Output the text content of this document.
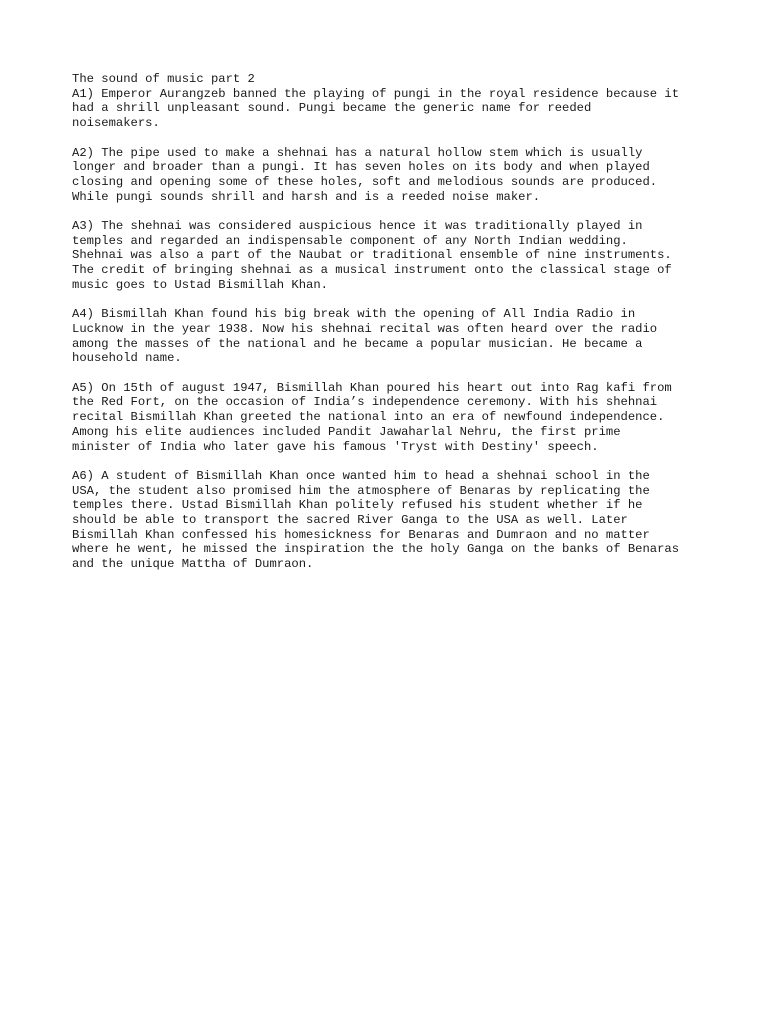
The sound of music part 2
A1) Emperor Aurangzeb banned the playing of pungi in the royal residence because it
had a shrill unpleasant sound. Pungi became the generic name for reeded
noisemakers.
A2) The pipe used to make a shehnai has a natural hollow stem which is usually
longer and broader than a pungi. It has seven holes on its body and when played
closing and opening some of these holes, soft and melodious sounds are produced.
While pungi sounds shrill and harsh and is a reeded noise maker.
A3) The shehnai was considered auspicious hence it was traditionally played in
temples and regarded an indispensable component of any North Indian wedding.
Shehnai was also a part of the Naubat or traditional ensemble of nine instruments.
The credit of bringing shehnai as a musical instrument onto the classical stage of
music goes to Ustad Bismillah Khan.
A4) Bismillah Khan found his big break with the opening of All India Radio in
Lucknow in the year 1938. Now his shehnai recital was often heard over the radio
among the masses of the national and he became a popular musician. He became a
household name.
A5) On 15th of august 1947, Bismillah Khan poured his heart out into Rag kafi from
the Red Fort, on the occasion of India’s independence ceremony. With his shehnai
recital Bismillah Khan greeted the national into an era of newfound independence.
Among his elite audiences included Pandit Jawaharlal Nehru, the first prime
minister of India who later gave his famous 'Tryst with Destiny' speech.
A6) A student of Bismillah Khan once wanted him to head a shehnai school in the
USA, the student also promised him the atmosphere of Benaras by replicating the
temples there. Ustad Bismillah Khan politely refused his student whether if he
should be able to transport the sacred River Ganga to the USA as well. Later
Bismillah Khan confessed his homesickness for Benaras and Dumraon and no matter
where he went, he missed the inspiration the the holy Ganga on the banks of Benaras
and the unique Mattha of Dumraon.
